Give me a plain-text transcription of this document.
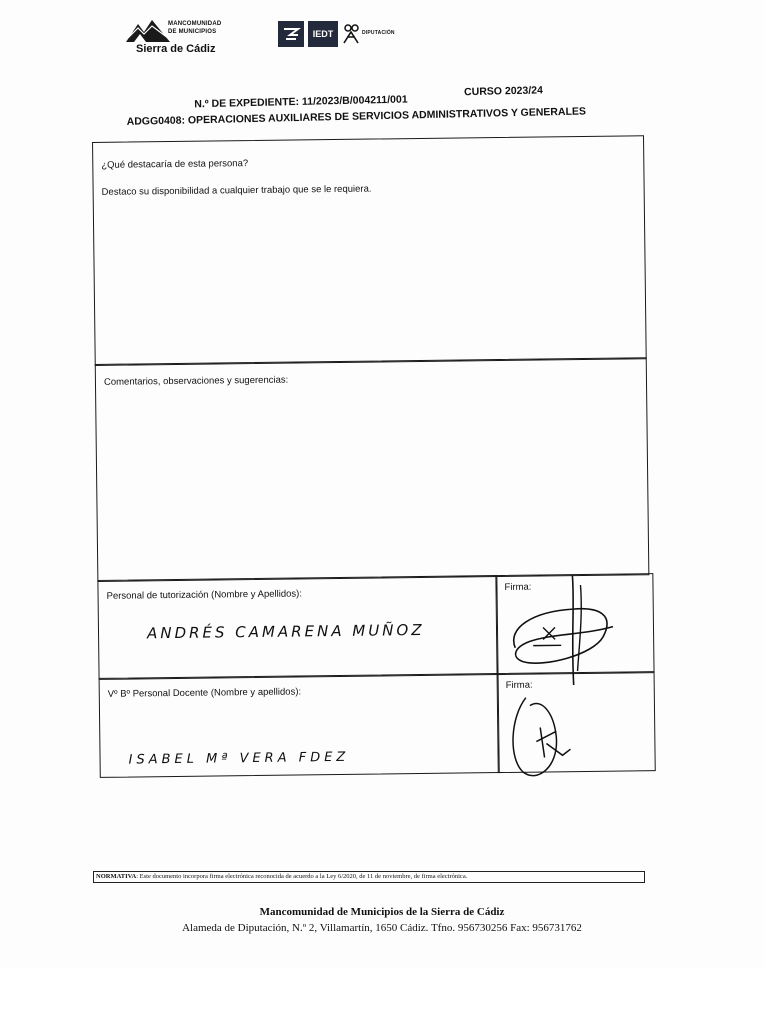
MANCOMUNIDAD
DE MUNICIPIOS
Sierra de Cádiz
IEDT	DIPUTACIÓN
N.º DE EXPEDIENTE: 11/2023/B/004211/001
CURSO 2023/24
ADGG0408: OPERACIONES AUXILIARES DE SERVICIOS ADMINISTRATIVOS Y GENERALES
¿Qué destacaría de esta persona?
Destaco su disponibilidad a cualquier trabajo que se le requiera.
Comentarios, observaciones y sugerencias:
Personal de tutorización (Nombre y Apellidos):
ANDRÉS CAMARENA MUÑOZ
Firma:
Vº Bº Personal Docente (Nombre y apellidos):
ISABEL Mª VERA FDEZ
Firma:
NORMATIVA: Este documento incorpora firma electrónica reconocida de acuerdo a la Ley 6/2020, de 11 de noviembre, de firma electrónica.
Mancomunidad de Municipios de la Sierra de Cádiz
Alameda de Diputación, N.º 2, Villamartín, 1650 Cádiz. Tfno. 956730256 Fax: 956731762
